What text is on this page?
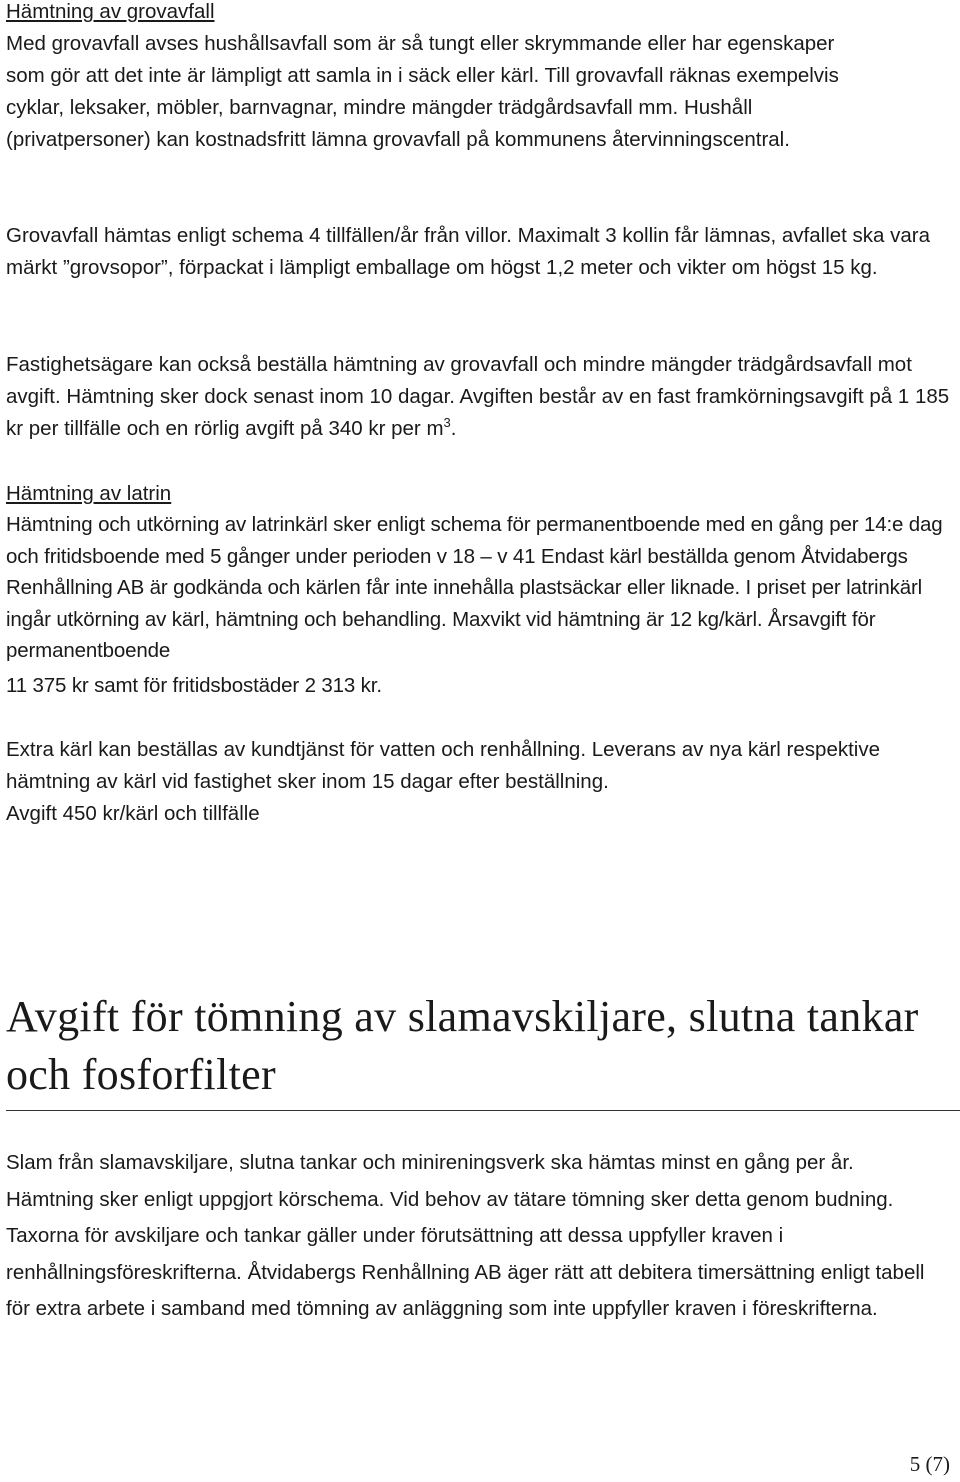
Hämtning av grovavfall

Med grovavfall avses hushållsavfall som är så tungt eller skrymmande eller har egenskaper som gör att det inte är lämpligt att samla in i säck eller kärl. Till grovavfall räknas exempelvis cyklar, leksaker, möbler, barnvagnar, mindre mängder trädgårdsavfall mm. Hushåll (privatpersoner) kan kostnadsfritt lämna grovavfall på kommunens återvinningscentral.

Grovavfall hämtas enligt schema 4 tillfällen/år från villor. Maximalt 3 kollin får lämnas, avfallet ska vara märkt ”grovsopor”, förpackat i lämpligt emballage om högst 1,2 meter och vikter om högst 15 kg.

Fastighetsägare kan också beställa hämtning av grovavfall och mindre mängder trädgårdsavfall mot avgift. Hämtning sker dock senast inom 10 dagar. Avgiften består av en fast framkörningsavgift på 1 185 kr per tillfälle och en rörlig avgift på 340 kr per $m^3$.

Hämtning av latrin

Hämtning och utkörning av latrinkärl sker enligt schema för permanentboende med en gång per 14:e dag och fritidsboende med 5 gånger under perioden v 18 – v 41 Endast kärl beställda genom Åtvidabergs Renhållning AB är godkända och kärlen får inte innehålla plastsäckar eller liknade. I priset per latrinkärl ingår utkörning av kärl, hämtning och behandling. Maxvikt vid hämtning är 12 kg/kärl. Årsavgift för permanentboende

11 375 kr samt för fritidsbostäder 2 313 kr.

Extra kärl kan beställas av kundtjänst för vatten och renhållning. Leverans av nya kärl respektive hämtning av kärl vid fastighet sker inom 15 dagar efter beställning.

Avgift 450 kr/kärl och tillfälle

Avgift för tömning av slamavskiljare, slutna tankar och fosforfilter

Slam från slamavskiljare, slutna tankar och minireningsverk ska hämtas minst en gång per år. Hämtning sker enligt uppgjort körschema. Vid behov av tätare tömning sker detta genom budning. Taxorna för avskiljare och tankar gäller under förutsättning att dessa uppfyller kraven i renhållningsföreskrifterna. Åtvidabergs Renhållning AB äger rätt att debitera timersättning enligt tabell för extra arbete i samband med tömning av anläggning som inte uppfyller kraven i föreskrifterna.

5 (7)
